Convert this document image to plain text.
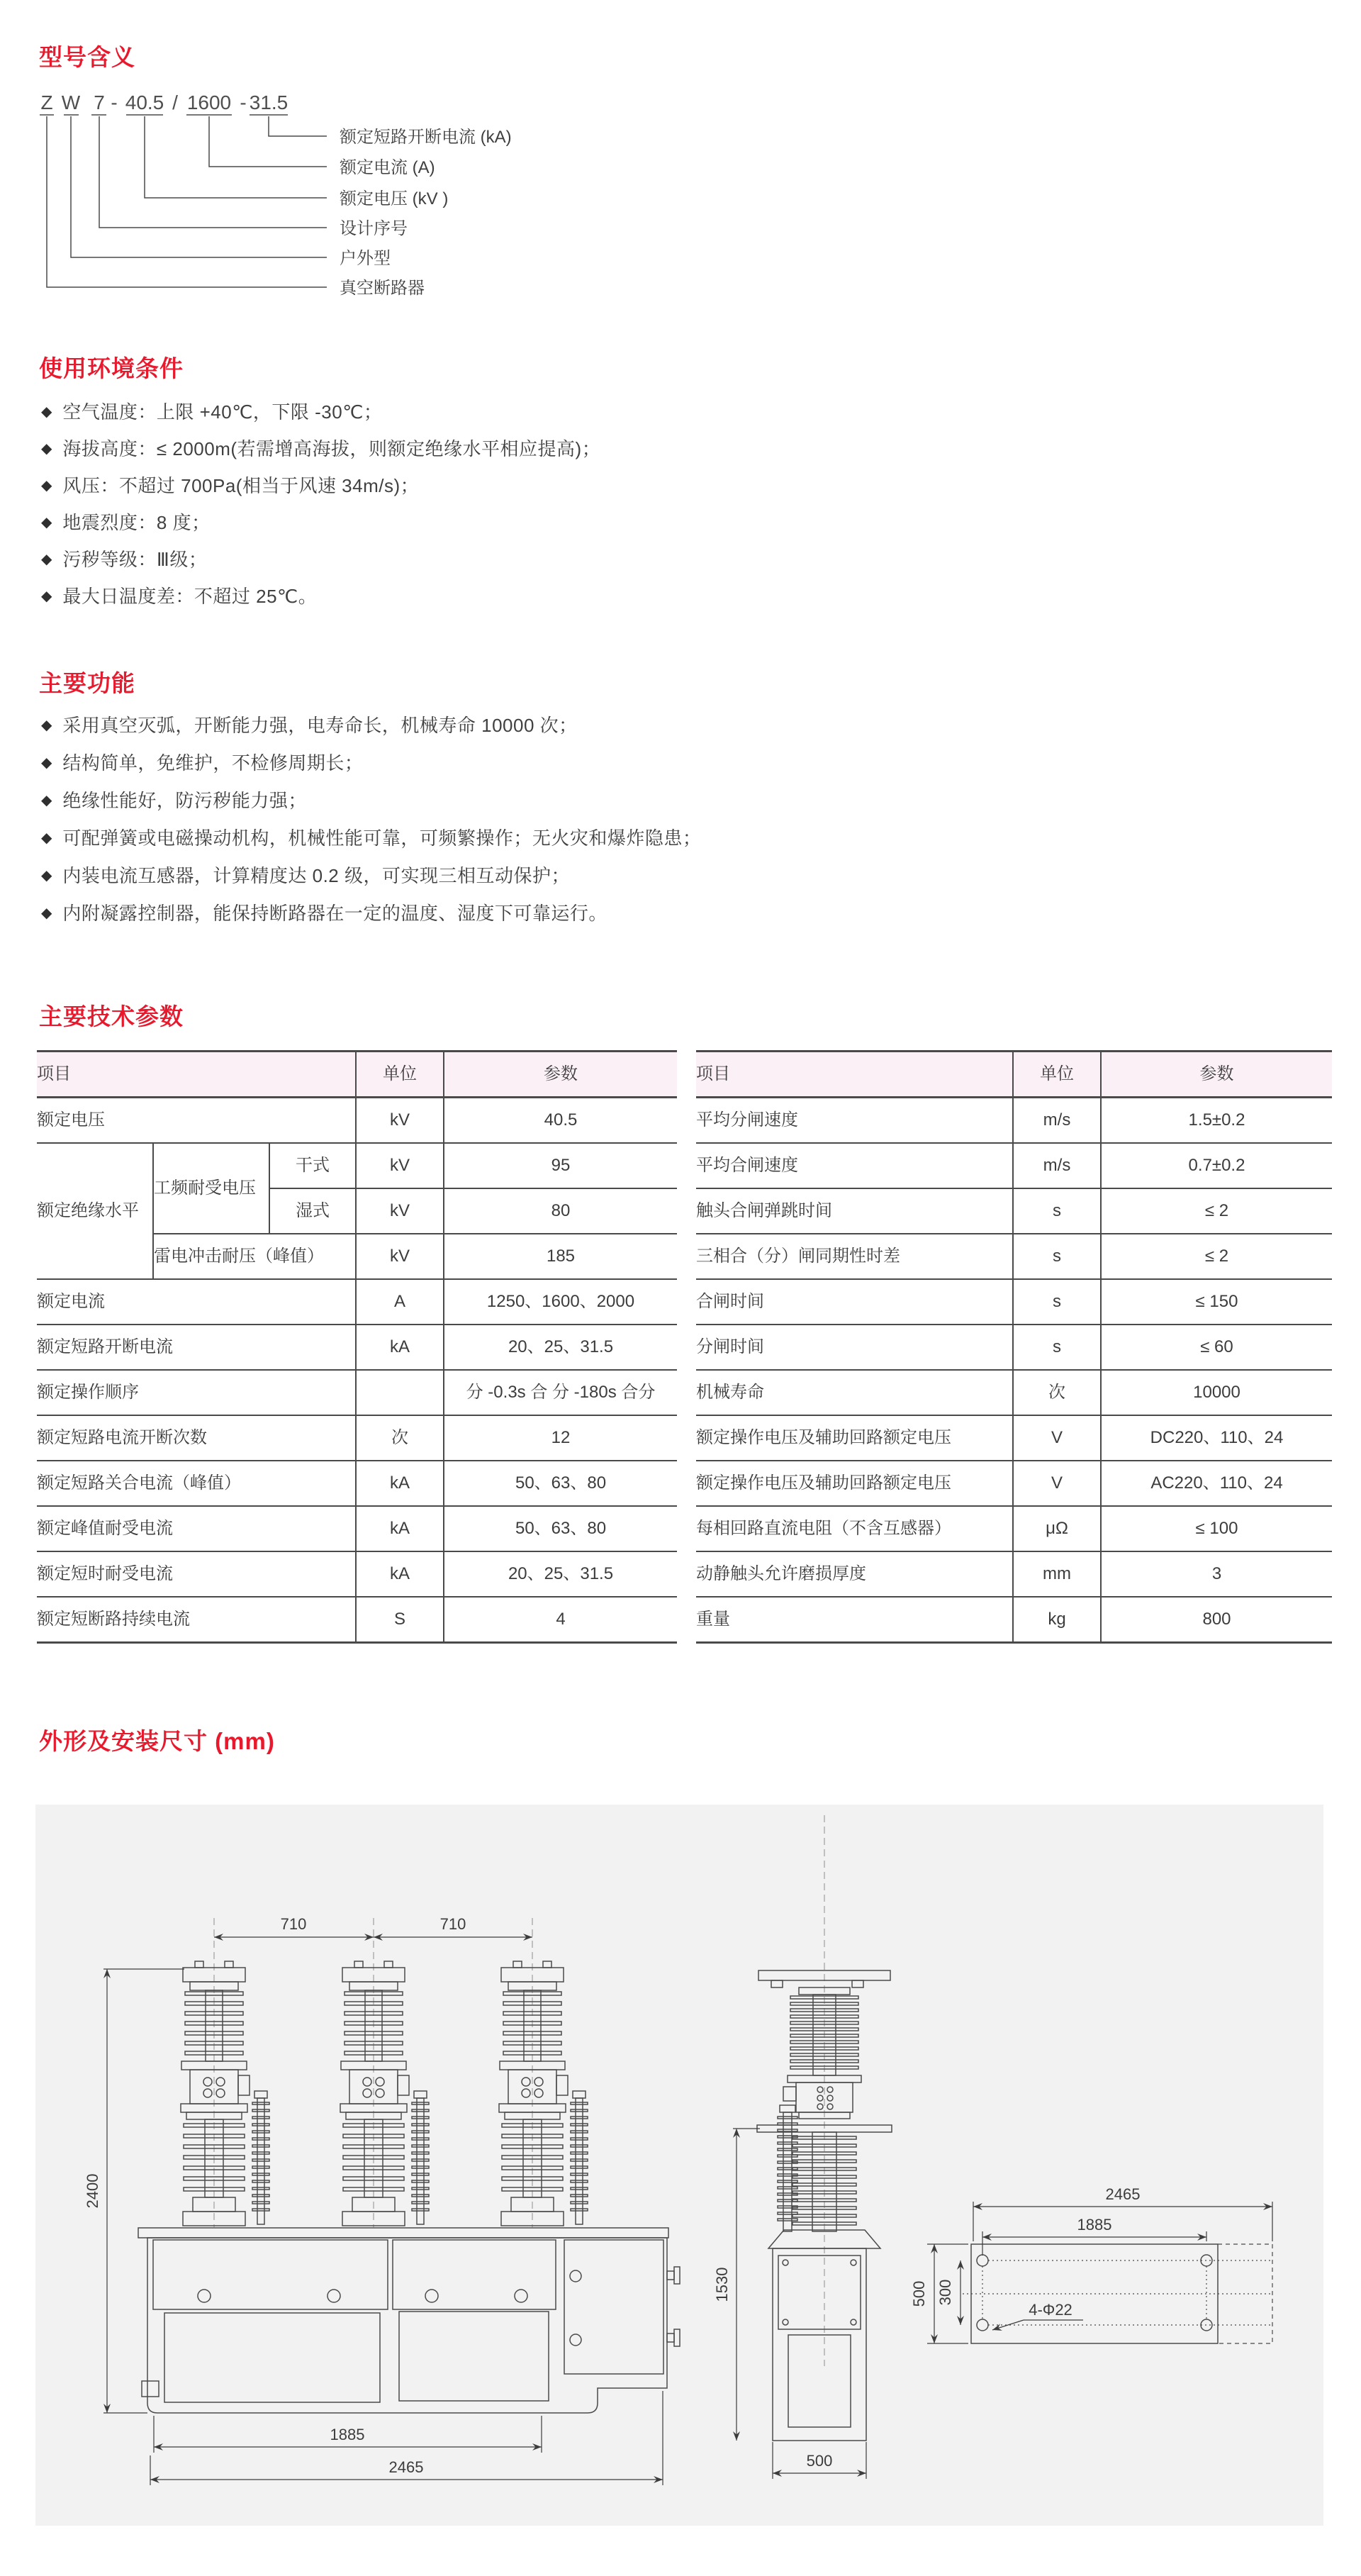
型号含义
Z W 7 - 40.5 / 1600 - 31.5
额定短路开断电流 (kA)
额定电流 (A)
额定电压 (kV )
设计序号
户外型
真空断路器
使用环境条件
◆ 空气温度：上限 +40℃，下限 -30℃；
◆ 海拔高度：≤ 2000m(若需增高海拔，则额定绝缘水平相应提高)；
◆ 风压：不超过 700Pa(相当于风速 34m/s)；
◆ 地震烈度：8 度；
◆ 污秽等级：Ⅲ级；
◆ 最大日温度差：不超过 25℃。
主要功能
◆ 采用真空灭弧，开断能力强，电寿命长，机械寿命 10000 次；
◆ 结构简单，免维护，不检修周期长；
◆ 绝缘性能好，防污秽能力强；
◆ 可配弹簧或电磁操动机构，机械性能可靠，可频繁操作；无火灾和爆炸隐患；
◆ 内装电流互感器，计算精度达 0.2 级，可实现三相互动保护；
◆ 内附凝露控制器，能保持断路器在一定的温度、湿度下可靠运行。
主要技术参数
项目			单位	参数
额定电压			kV	40.5
额定绝缘水平	工频耐受电压	干式	kV	95
		湿式	kV	80
	雷电冲击耐压（峰值）		kV	185
额定电流			A	1250、1600、2000
额定短路开断电流			kA	20、25、31.5
额定操作顺序				分 -0.3s 合 分 -180s 合分
额定短路电流开断次数			次	12
额定短路关合电流（峰值）			kA	50、63、80
额定峰值耐受电流			kA	50、63、80
额定短时耐受电流			kA	20、25、31.5
额定短断路持续电流			S	4
项目	单位	参数
平均分闸速度	m/s	1.5±0.2
平均合闸速度	m/s	0.7±0.2
触头合闸弹跳时间	s	≤ 2
三相合（分）闸同期性时差	s	≤ 2
合闸时间	s	≤ 150
分闸时间	s	≤ 60
机械寿命	次	10000
额定操作电压及辅助回路额定电压	V	DC220、110、24
额定操作电压及辅助回路额定电压	V	AC220、110、24
每相回路直流电阻（不含互感器）	μΩ	≤ 100
动静触头允许磨损厚度	mm	3
重量	kg	800
外形及安装尺寸 (mm)
710	710
2400
1885
2465
1530
500
2465
1885
500 300
4-Φ22
